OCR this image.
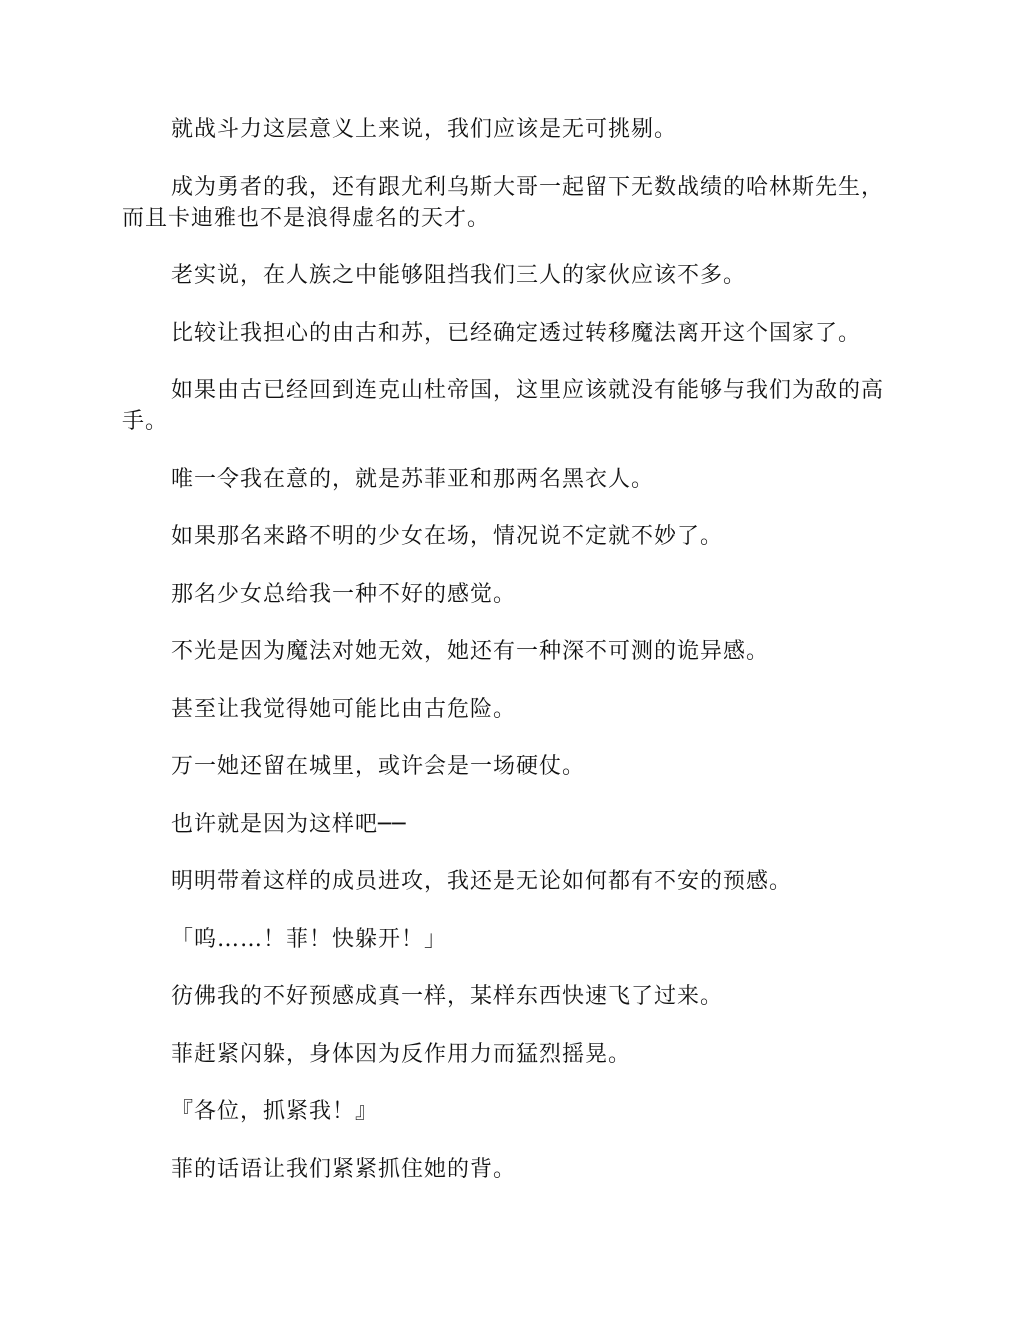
就战斗力这层意义上来说，我们应该是无可挑剔。

成为勇者的我，还有跟尤利乌斯大哥一起留下无数战绩的哈林斯先生，而且卡迪雅也不是浪得虚名的天才。

老实说，在人族之中能够阻挡我们三人的家伙应该不多。

比较让我担心的由古和苏，已经确定透过转移魔法离开这个国家了。

如果由古已经回到连克山杜帝国，这里应该就没有能够与我们为敌的高手。

唯一令我在意的，就是苏菲亚和那两名黑衣人。

如果那名来路不明的少女在场，情况说不定就不妙了。

那名少女总给我一种不好的感觉。

不光是因为魔法对她无效，她还有一种深不可测的诡异感。

甚至让我觉得她可能比由古危险。

万一她还留在城里，或许会是一场硬仗。

也许就是因为这样吧──

明明带着这样的成员进攻，我还是无论如何都有不安的预感。

「呜……！菲！快躲开！」

彷佛我的不好预感成真一样，某样东西快速飞了过来。

菲赶紧闪躲，身体因为反作用力而猛烈摇晃。

『各位，抓紧我！』

菲的话语让我们紧紧抓住她的背。
